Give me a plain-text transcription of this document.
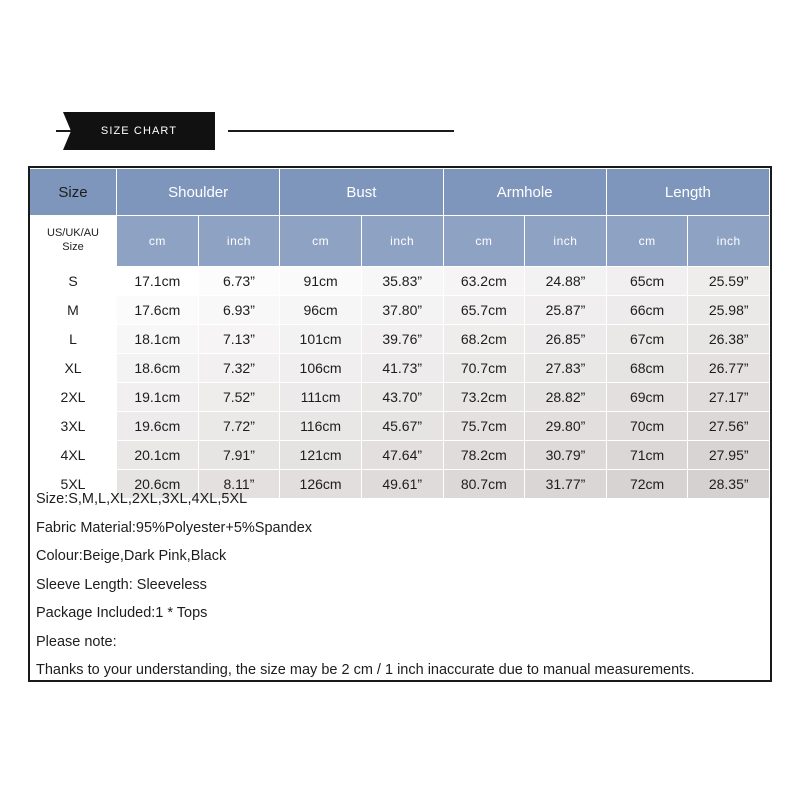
SIZE CHART
Size	Shoulder		Bust		Armhole		Length	

US/UK/AU
Size	cm	inch	cm	inch	cm	inch	cm	inch
S	17.1cm	6.73”	91cm	35.83”	63.2cm	24.88”	65cm	25.59”
M	17.6cm	6.93”	96cm	37.80”	65.7cm	25.87”	66cm	25.98”
L	18.1cm	7.13”	101cm	39.76”	68.2cm	26.85”	67cm	26.38”
XL	18.6cm	7.32”	106cm	41.73”	70.7cm	27.83”	68cm	26.77”
2XL	19.1cm	7.52”	111cm	43.70”	73.2cm	28.82”	69cm	27.17”
3XL	19.6cm	7.72”	116cm	45.67”	75.7cm	29.80”	70cm	27.56”
4XL	20.1cm	7.91”	121cm	47.64”	78.2cm	30.79”	71cm	27.95”
5XL	20.6cm	8.11”	126cm	49.61”	80.7cm	31.77”	72cm	28.35”

Size:S,M,L,XL,2XL,3XL,4XL,5XL

Fabric Material:95%Polyester+5%Spandex

Colour:Beige,Dark Pink,Black

Sleeve Length: Sleeveless

Package Included:1 * Tops

Please note:

Thanks to your understanding, the size may be 2 cm / 1 inch inaccurate due to manual measurements.
